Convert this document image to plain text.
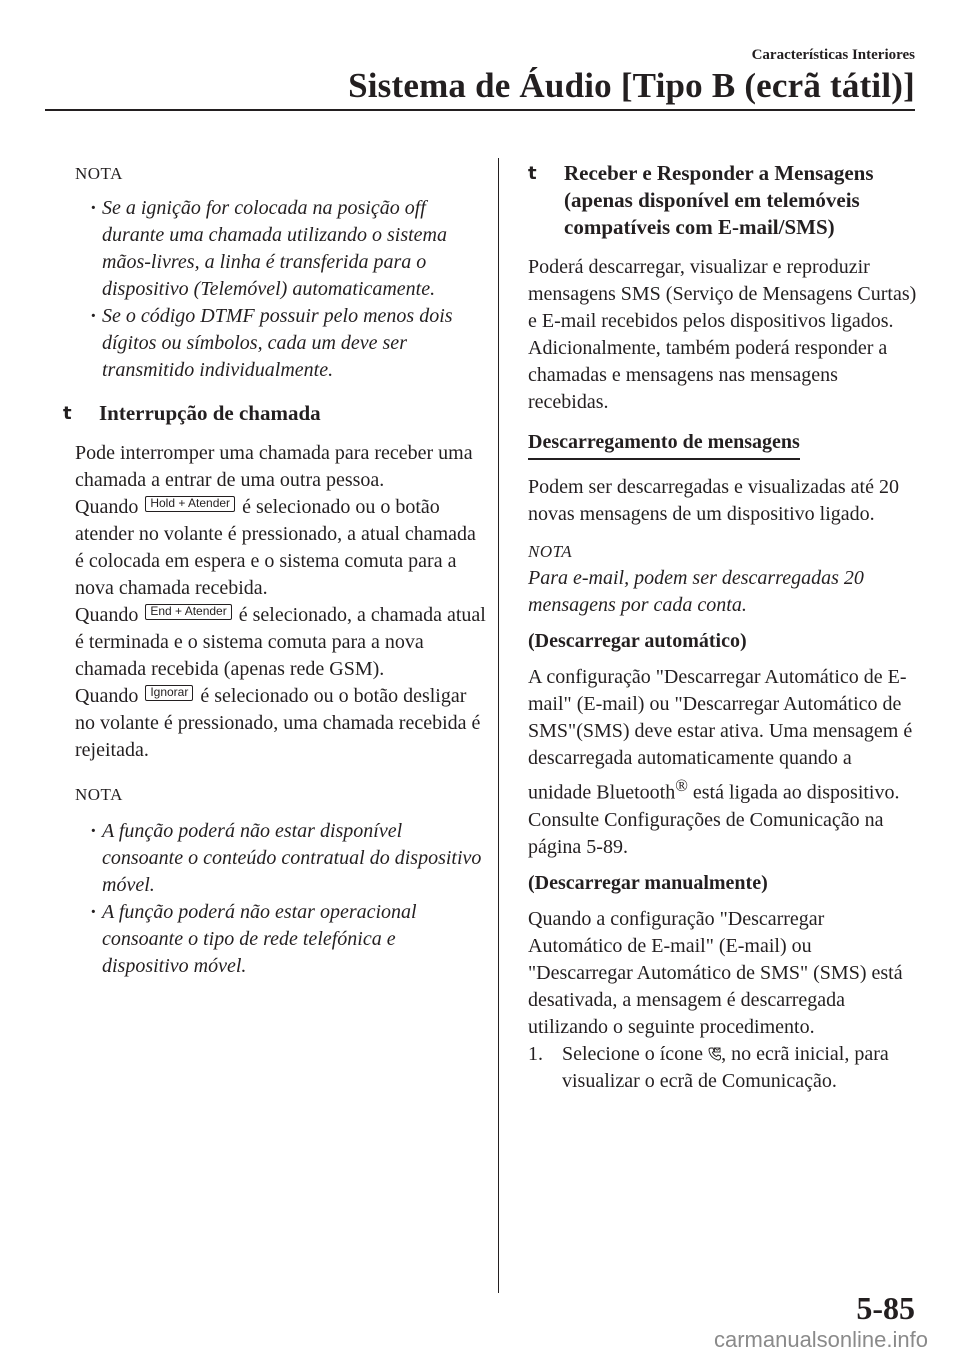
Características Interiores
Sistema de Áudio [Tipo B (ecrã tátil)]

NOTA

· Se a ignição for colocada na posição off durante uma chamada utilizando o sistema mãos-livres, a linha é transferida para o dispositivo (Telemóvel) automaticamente.
· Se o código DTMF possuir pelo menos dois dígitos ou símbolos, cada um deve ser transmitido individualmente.
t Interrupção de chamada

Pode interromper uma chamada para receber uma chamada a entrar de uma outra pessoa.

Quando Hold + Atender é selecionado ou o botão atender no volante é pressionado, a atual chamada é colocada em espera e o sistema comuta para a nova chamada recebida.

Quando End + Atender é selecionado, a chamada atual é terminada e o sistema comuta para a nova chamada recebida (apenas rede GSM).

Quando Ignorar é selecionado ou o botão desligar no volante é pressionado, uma chamada recebida é rejeitada.

NOTA

· A função poderá não estar disponível consoante o conteúdo contratual do dispositivo móvel.
· A função poderá não estar operacional consoante o tipo de rede telefónica e dispositivo móvel.
t Receber e Responder a Mensagens (apenas disponível em telemóveis compatíveis com E-mail/SMS)

Poderá descarregar, visualizar e reproduzir mensagens SMS (Serviço de Mensagens Curtas) e E-mail recebidos pelos dispositivos ligados.

Adicionalmente, também poderá responder a chamadas e mensagens nas mensagens recebidas.

Descarregamento de mensagens

Podem ser descarregadas e visualizadas até 20 novas mensagens de um dispositivo ligado.

NOTA

Para e-mail, podem ser descarregadas 20 mensagens por cada conta.

(Descarregar automático)

A configuração "Descarregar Automático de E-mail" (E-mail) ou "Descarregar Automático de SMS"(SMS) deve estar ativa. Uma mensagem é descarregada automaticamente quando a unidade Bluetooth® está ligada ao dispositivo.

Consulte Configurações de Comunicação na página 5-89.

(Descarregar manualmente)

Quando a configuração "Descarregar Automático de E-mail" (E-mail) ou "Descarregar Automático de SMS" (SMS) está desativada, a mensagem é descarregada utilizando o seguinte procedimento.

1. Selecione o ícone , no ecrã inicial, para visualizar o ecrã de Comunicação.
5-85
carmanualsonline.info
